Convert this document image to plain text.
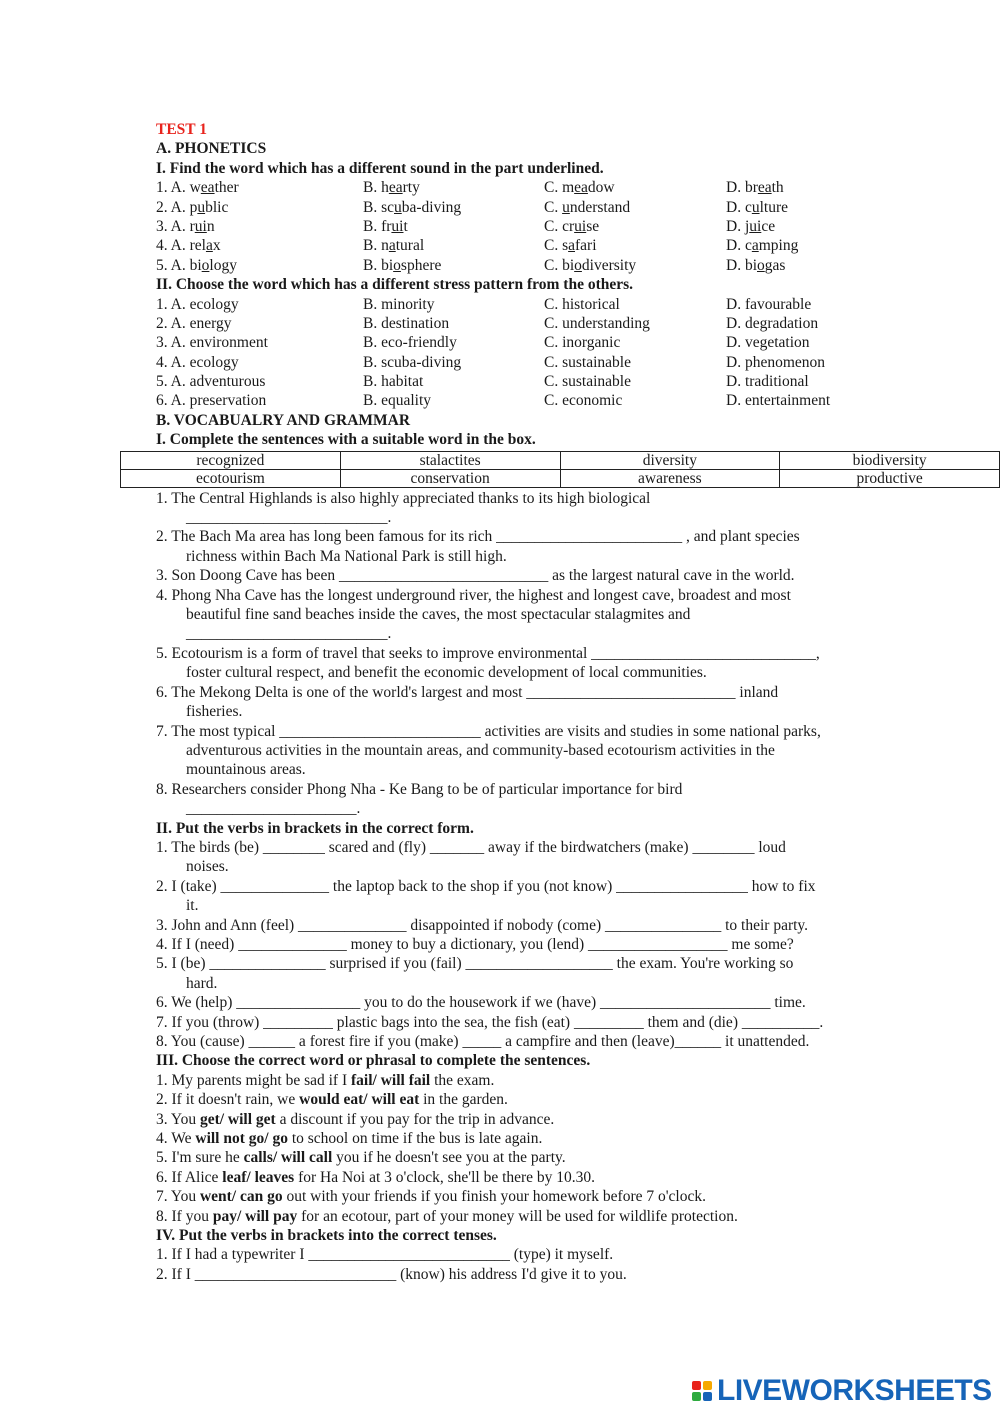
TEST 1
A. PHONETICS
I. Find the word which has a different sound in the part underlined.
1. A. weather	B. hearty	C. meadow	D. breath
2. A. public	B. scuba-diving	C. understand	D. culture
3. A. ruin	B. fruit	C. cruise	D. juice
4. A. relax	B. natural	C. safari	D. camping
5. A. biology	B. biosphere	C. biodiversity	D. biogas
II. Choose the word which has a different stress pattern from the others.
1. A. ecology	B. minority	C. historical	D. favourable
2. A. energy	B. destination	C. understanding	D. degradation
3. A. environment	B. eco-friendly	C. inorganic	D. vegetation
4. A. ecology	B. scuba-diving	C. sustainable	D. phenomenon
5. A. adventurous	B. habitat	C. sustainable	D. traditional
6. A. preservation	B. equality	C. economic	D. entertainment
B. VOCABUALRY AND GRAMMAR
I. Complete the sentences with a suitable word in the box.
recognized	stalactites	diversity	biodiversity
ecotourism	conservation	awareness	productive
1. The Central Highlands is also highly appreciated thanks to its high biological
__________________________.
2. The Bach Ma area has long been famous for its rich ________________________ , and plant species
richness within Bach Ma National Park is still high.
3. Son Doong Cave has been ___________________________ as the largest natural cave in the world.
4. Phong Nha Cave has the longest underground river, the highest and longest cave, broadest and most
beautiful fine sand beaches inside the caves, the most spectacular stalagmites and
__________________________.
5. Ecotourism is a form of travel that seeks to improve environmental _____________________________,
foster cultural respect, and benefit the economic development of local communities.
6. The Mekong Delta is one of the world's largest and most ___________________________ inland
fisheries.
7. The most typical __________________________ activities are visits and studies in some national parks,
adventurous activities in the mountain areas, and community-based ecotourism activities in the
mountainous areas.
8. Researchers consider Phong Nha - Ke Bang to be of particular importance for bird
______________________.
II. Put the verbs in brackets in the correct form.
1. The birds (be) ________ scared and (fly) _______ away if the birdwatchers (make) ________ loud
noises.
2. I (take) ______________ the laptop back to the shop if you (not know) _________________ how to fix
it.
3. John and Ann (feel) ______________ disappointed if nobody (come) _______________ to their party.
4. If I (need) ______________ money to buy a dictionary, you (lend) __________________ me some?
5. I (be) _______________ surprised if you (fail) ___________________ the exam. You're working so
hard.
6. We (help) ________________ you to do the housework if we (have) ______________________ time.
7. If you (throw) _________ plastic bags into the sea, the fish (eat) _________ them and (die) __________.
8. You (cause) ______ a forest fire if you (make) _____ a campfire and then (leave)______ it unattended.
III. Choose the correct word or phrasal to complete the sentences.
1. My parents might be sad if I fail/ will fail the exam.
2. If it doesn't rain, we would eat/ will eat in the garden.
3. You get/ will get a discount if you pay for the trip in advance.
4. We will not go/ go to school on time if the bus is late again.
5. I'm sure he calls/ will call you if he doesn't see you at the party.
6. If Alice leaf/ leaves for Ha Noi at 3 o'clock, she'll be there by 10.30.
7. You went/ can go out with your friends if you finish your homework before 7 o'clock.
8. If you pay/ will pay for an ecotour, part of your money will be used for wildlife protection.
IV. Put the verbs in brackets into the correct tenses.
1. If I had a typewriter I __________________________ (type) it myself.
2. If I __________________________ (know) his address I'd give it to you.
LIVEWORKSHEETS
